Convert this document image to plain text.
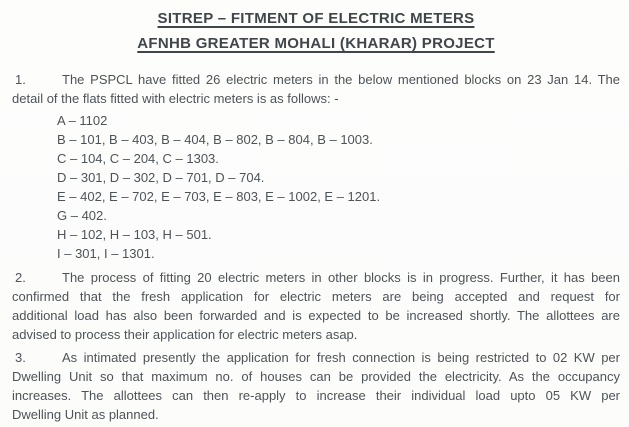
SITREP – FITMENT OF ELECTRIC METERS
AFNHB GREATER MOHALI (KHARAR) PROJECT
1.	The PSPCL have fitted 26 electric meters in the below mentioned blocks on 23 Jan 14. The
detail of the flats fitted with electric meters is as follows: -
A – 1102
B – 101, B – 403, B – 404, B – 802, B – 804, B – 1003.
C – 104, C – 204, C – 1303.
D – 301, D – 302, D – 701, D – 704.
E – 402, E – 702, E – 703, E – 803, E – 1002, E – 1201.
G – 402.
H – 102, H – 103, H – 501.
I – 301, I – 1301.
2.	The process of fitting 20 electric meters in other blocks is in progress. Further, it has been
confirmed that the fresh application for electric meters are being accepted and request for
additional load has also been forwarded and is expected to be increased shortly. The allottees are
advised to process their application for electric meters asap.
3.	As intimated presently the application for fresh connection is being restricted to 02 KW per
Dwelling Unit so that maximum no. of houses can be provided the electricity. As the occupancy
increases. The allottees can then re-apply to increase their individual load upto 05 KW per
Dwelling Unit as planned.
